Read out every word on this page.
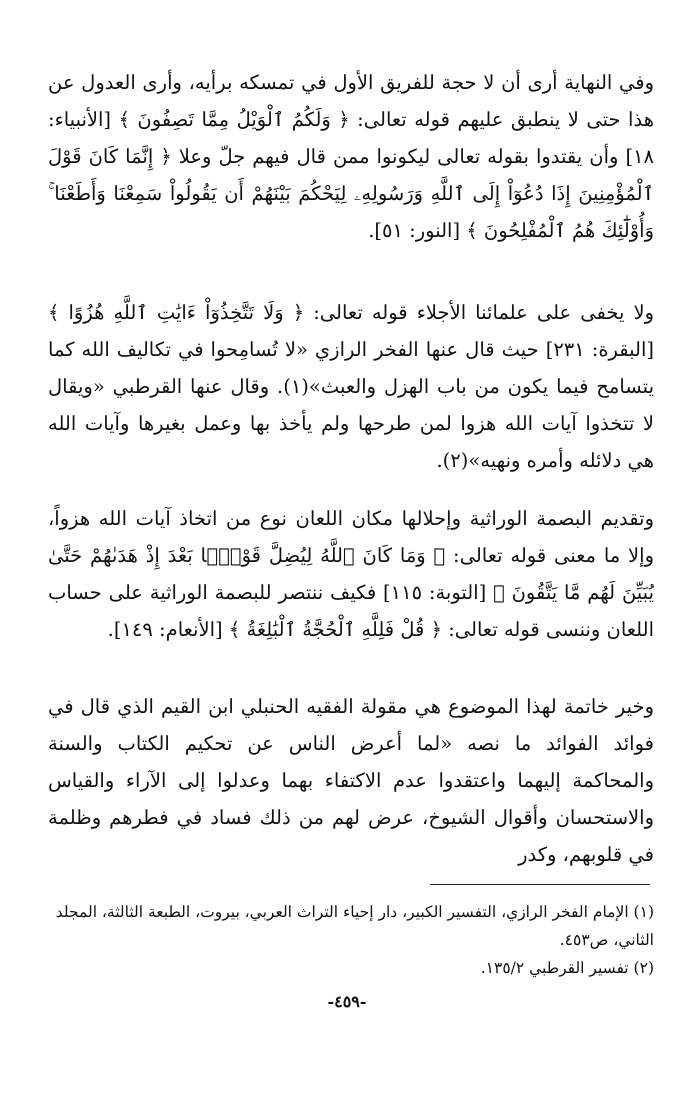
وفي النهاية أرى أن لا حجة للفريق الأول في تمسكه برأيه، وأرى العدول عن هذا حتى لا ينطبق عليهم قوله تعالى: ﴿ وَلَكُمُ ٱلْوَيْلُ مِمَّا تَصِفُونَ ﴾ [الأنبياء: ١٨] وأن يقتدوا بقوله تعالى ليكونوا ممن قال فيهم جلّ وعلا ﴿ إِنَّمَا كَانَ قَوْلَ ٱلْمُؤْمِنِينَ إِذَا دُعُوٓاْ إِلَى ٱللَّهِ وَرَسُولِهِۦ لِيَحْكُمَ بَيْنَهُمْ أَن يَقُولُواْ سَمِعْنَا وَأَطَعْنَا ۚ وَأُوْلَٰٓئِكَ هُمُ ٱلْمُفْلِحُونَ ﴾ [النور: ٥١].

ولا يخفى على علمائنا الأجلاء قوله تعالى: ﴿ وَلَا تَتَّخِذُوٓاْ ءَايَٰتِ ٱللَّهِ هُزُوًا ﴾ [البقرة: ٢٣١] حيث قال عنها الفخر الرازي «لا تُسامِحوا في تكاليف الله كما يتسامح فيما يكون من باب الهزل والعبث»(١). وقال عنها القرطبي «ويقال لا تتخذوا آيات الله هزوا لمن طرحها ولم يأخذ بها وعمل بغيرها وآيات الله هي دلائله وأمره ونهيه»(٢).

وتقديم البصمة الوراثية وإحلالها مكان اللعان نوع من اتخاذ آيات الله هزواً، وإلا ما معنى قوله تعالى: ﴿ وَمَا كَانَ ٱللَّهُ لِيُضِلَّ قَوْمًۢا بَعْدَ إِذْ هَدَىٰهُمْ حَتَّىٰ يُبَيِّنَ لَهُم مَّا يَتَّقُونَ ﴾ [التوبة: ١١٥] فكيف ننتصر للبصمة الوراثية على حساب اللعان وننسى قوله تعالى: ﴿ قُلْ فَلِلَّهِ ٱلْحُجَّةُ ٱلْبَٰلِغَةُ ﴾ [الأنعام: ١٤٩].

وخير خاتمة لهذا الموضوع هي مقولة الفقيه الحنبلي ابن القيم الذي قال في فوائد الفوائد ما نصه «لما أعرض الناس عن تحكيم الكتاب والسنة والمحاكمة إليهما واعتقدوا عدم الاكتفاء بهما وعدلوا إلى الآراء والقياس والاستحسان وأقوال الشيوخ، عرض لهم من ذلك فساد في فطرهم وظلمة في قلوبهم، وكدر

(١) الإمام الفخر الرازي، التفسير الكبير، دار إحياء التراث العربي، بيروت، الطبعة الثالثة، المجلد الثاني، ص٤٥٣.

(٢) تفسير القرطبي ١٣٥/٢.

-٤٥٩-
